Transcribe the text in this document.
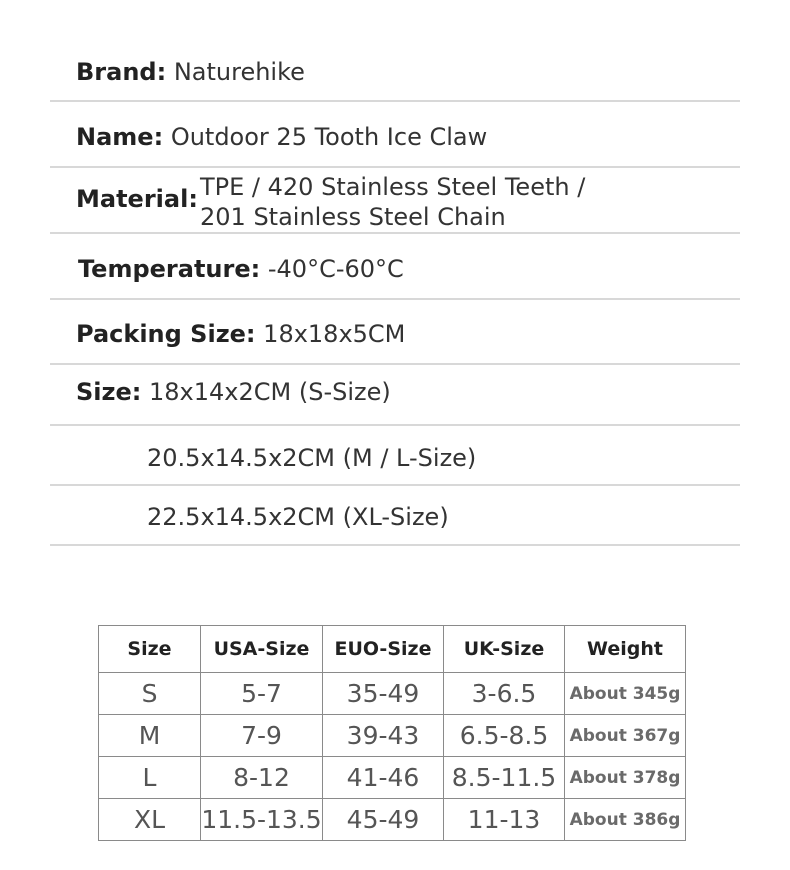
Brand: Naturehike
Name: Outdoor 25 Tooth Ice Claw
Material: TPE / 420 Stainless Steel Teeth /
201 Stainless Steel Chain
Temperature: -40°C-60°C
Packing Size: 18x18x5CM
Size: 18x14x2CM (S-Size)
20.5x14.5x2CM (M / L-Size)
22.5x14.5x2CM (XL-Size)
Size	USA-Size	EUO-Size	UK-Size	Weight
S	5-7	35-49	3-6.5	About 345g
M	7-9	39-43	6.5-8.5	About 367g
L	8-12	41-46	8.5-11.5	About 378g
XL	11.5-13.5	45-49	11-13	About 386g
